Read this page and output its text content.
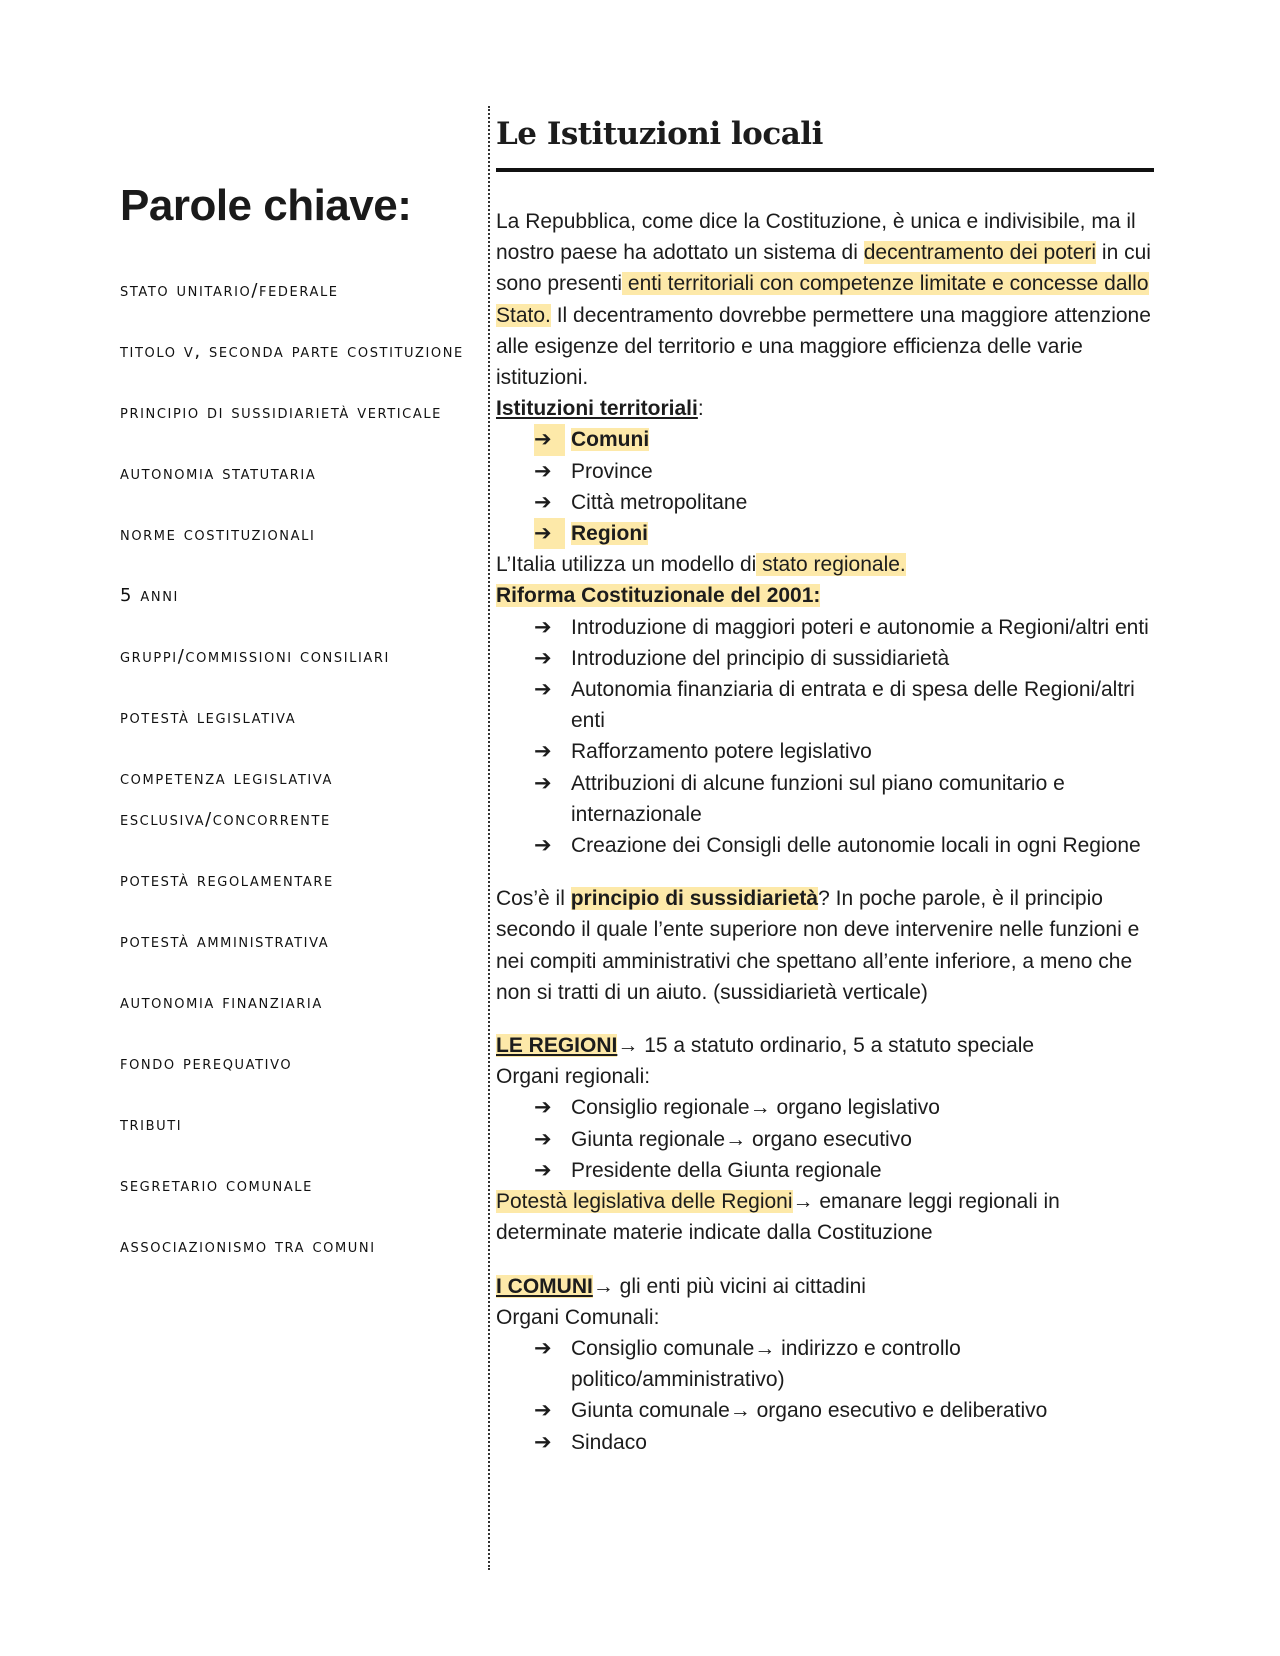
Parole chiave:
stato unitario/federale
titolo v, seconda parte costituzione
principio di sussidiarietà verticale
autonomia statutaria
norme costituzionali
5 anni
gruppi/commissioni consiliari
potestà legislativa
competenza legislativa esclusiva/concorrente
potestà regolamentare
potestà amministrativa
autonomia finanziaria
fondo perequativo
tributi
segretario comunale
associazionismo tra comuni
Le Istituzioni locali

La Repubblica, come dice la Costituzione, è unica e indivisibile, ma il nostro paese ha adottato un sistema di decentramento dei poteri in cui sono presenti enti territoriali con competenze limitate e concesse dallo Stato. Il decentramento dovrebbe permettere una maggiore attenzione alle esigenze del territorio e una maggiore efficienza delle varie istituzioni.

Istituzioni territoriali:

➔ Comuni
➔ Province
➔ Città metropolitane
➔ Regioni

L’Italia utilizza un modello di stato regionale.

Riforma Costituzionale del 2001:

➔ Introduzione di maggiori poteri e autonomie a Regioni/altri enti
➔ Introduzione del principio di sussidiarietà
➔ Autonomia finanziaria di entrata e di spesa delle Regioni/altri enti
➔ Rafforzamento potere legislativo
➔ Attribuzioni di alcune funzioni sul piano comunitario e internazionale
➔ Creazione dei Consigli delle autonomie locali in ogni Regione

Cos’è il principio di sussidiarietà? In poche parole, è il principio secondo il quale l’ente superiore non deve intervenire nelle funzioni e nei compiti amministrativi che spettano all’ente inferiore, a meno che non si tratti di un aiuto. (sussidiarietà verticale)

LE REGIONI→ 15 a statuto ordinario, 5 a statuto speciale

Organi regionali:

➔ Consiglio regionale→ organo legislativo
➔ Giunta regionale→ organo esecutivo
➔ Presidente della Giunta regionale

Potestà legislativa delle Regioni→ emanare leggi regionali in determinate materie indicate dalla Costituzione

I COMUNI→ gli enti più vicini ai cittadini

Organi Comunali:

➔ Consiglio comunale→ indirizzo e controllo politico/amministrativo)
➔ Giunta comunale→ organo esecutivo e deliberativo
➔ Sindaco
